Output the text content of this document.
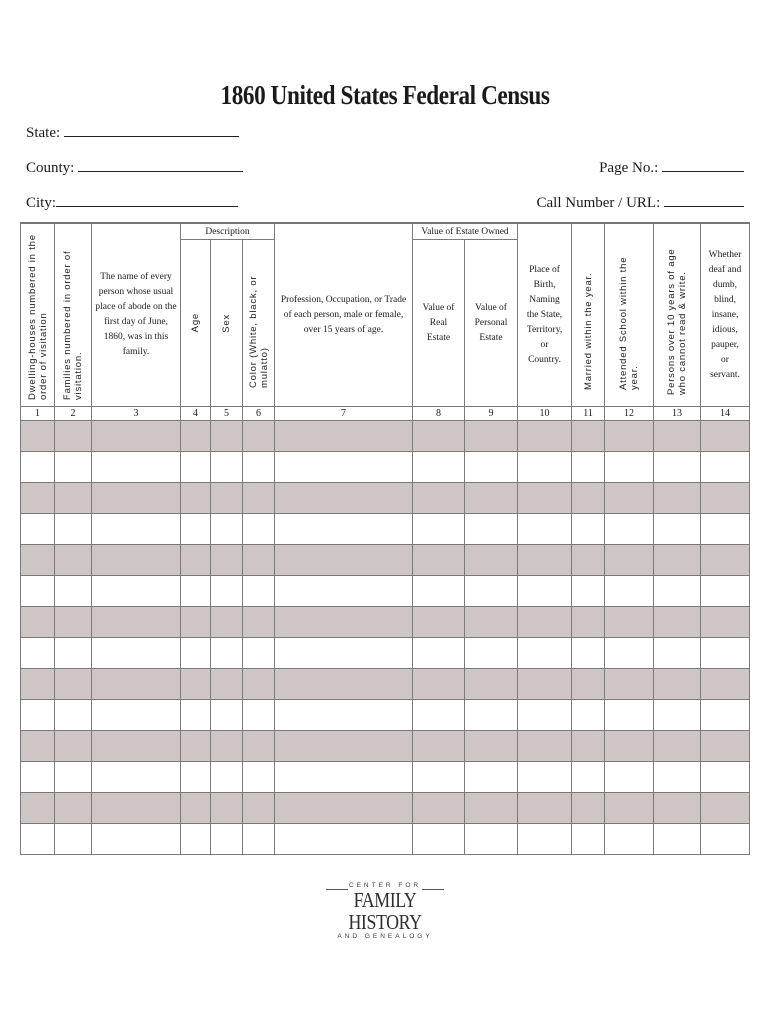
1860 United States Federal Census
State:
County:
City:
Page No.:
Call Number / URL:
Dwelling-houses numbered in the order of visitation	Families numbered in order of visitation.	The name of every person whose usual place of abode on the first day of June, 1860, was in this family.	Description			Profession, Occupation, or Trade of each person, male or female, over 15 years of age.	Value of Estate Owned		Place of Birth, Naming the State, Territory, or Country.	Married within the year.	Attended School within the year.	Persons over 10 years of age who cannot read & write.	Whether deaf and dumb, blind, insane, idious, pauper, or servant.

			Age	Sex	Color (White, black, or mulatto)		Value of Real Estate	Value of Personal Estate					

1	2	3	4	5	6	7	8	9	10	11	12	13	14

CENTER FOR
FAMILY HISTORY
AND GENEALOGY
